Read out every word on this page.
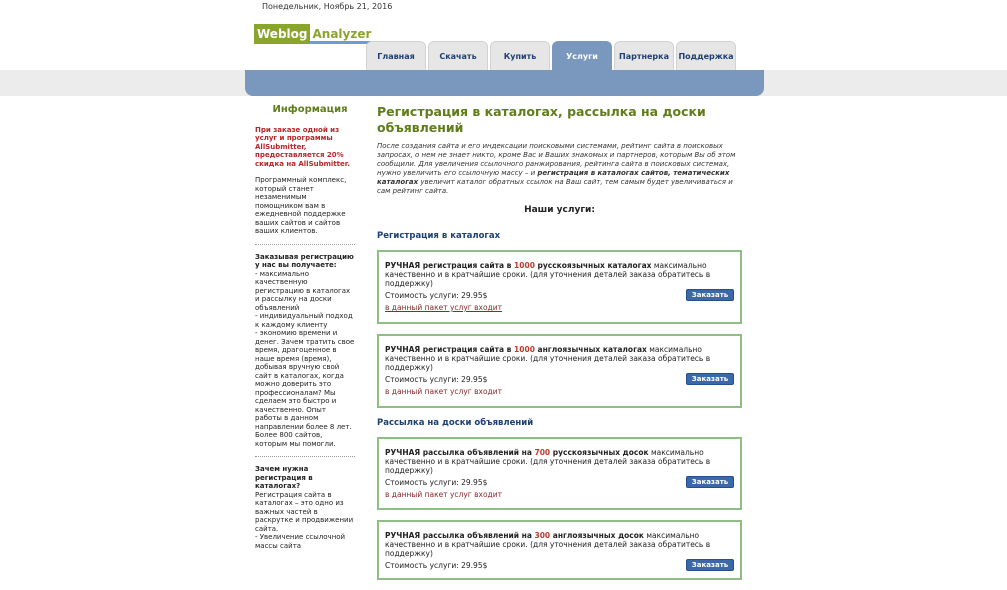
Понедельник, Ноябрь 21, 2016
Weblog Analyzer
Главная	Скачать	Купить	Услуги	Партнерка	Поддержка
Информация
При заказе одной из услуг и программы AllSubmitter, предоставляется 20% скидка на AllSubmitter.
Программный комплекс, который станет незаменимым помощником вам в ежедневной поддержке ваших сайтов и сайтов ваших клиентов.
Заказывая регистрацию у нас вы получаете:
- максимально качественную регистрацию в каталогах и рассылку на доски объявлений
- индивидуальный подход к каждому клиенту
- экономию времени и денег. Зачем тратить свое время, драгоценное в наше время (время), добывая вручную свой сайт в каталогах, когда можно доверить это профессионалам? Мы сделаем это быстро и качественно. Опыт работы в данном направлении более 8 лет. Более 800 сайтов, которым мы помогли.
Зачем нужна регистрация в каталогах?
Регистрация сайта в каталогах – это одно из важных частей в раскрутке и продвижении сайта.
- Увеличение ссылочной массы сайта
Регистрация в каталогах, рассылка на доски объявлений
После создания сайта и его индексации поисковыми системами, рейтинг сайта в поисковых запросах, о нем не знает никто, кроме Вас и Ваших знакомых и партнеров, которым Вы об этом сообщили. Для увеличения ссылочного ранжирования, рейтинга сайта в поисковых системах, нужно увеличить его ссылочную массу – и регистрация в каталогах сайтов, тематических каталогах увеличит каталог обратных ссылок на Ваш сайт, тем самым будет увеличиваться и сам рейтинг сайта.
Наши услуги:
Регистрация в каталогах
РУЧНАЯ регистрация сайта в 1000 русскоязычных каталогах максимально качественно и в кратчайшие сроки. (для уточнения деталей заказа обратитесь в поддержку)
Стоимость услуги: 29.95$	Заказать
в данный пакет услуг входит
РУЧНАЯ регистрация сайта в 1000 англоязычных каталогах максимально качественно и в кратчайшие сроки. (для уточнения деталей заказа обратитесь в поддержку)
Стоимость услуги: 29.95$	Заказать
в данный пакет услуг входит
Рассылка на доски объявлений
РУЧНАЯ рассылка объявлений на 700 русскоязычных досок максимально качественно и в кратчайшие сроки. (для уточнения деталей заказа обратитесь в поддержку)
Стоимость услуги: 29.95$	Заказать
в данный пакет услуг входит
РУЧНАЯ рассылка объявлений на 300 англоязычных досок максимально качественно и в кратчайшие сроки. (для уточнения деталей заказа обратитесь в поддержку)
Стоимость услуги: 29.95$	Заказать
